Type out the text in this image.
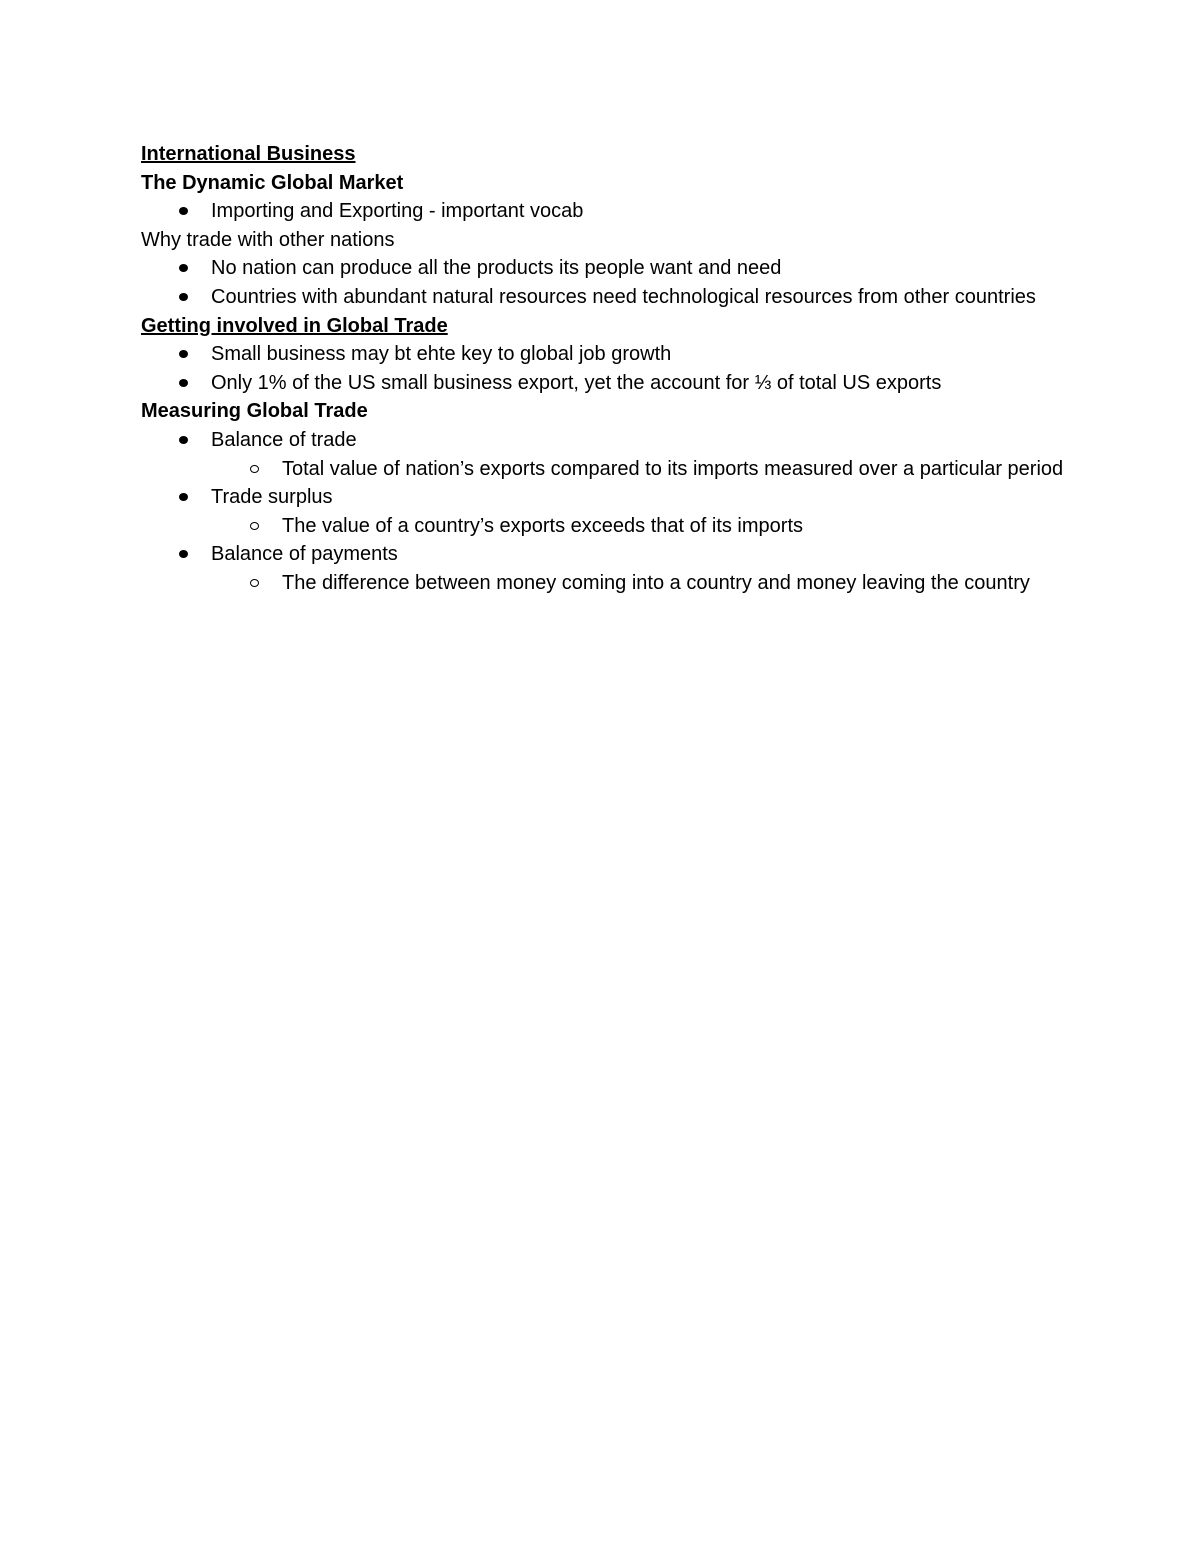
International Business

The Dynamic Global Market

Importing and Exporting - important vocab

Why trade with other nations

No nation can produce all the products its people want and need
Countries with abundant natural resources need technological resources from other countries

Getting involved in Global Trade

Small business may bt ehte key to global job growth
Only 1% of the US small business export, yet the account for ⅓ of total US exports

Measuring Global Trade

Balance of trade
Total value of nation’s exports compared to its imports measured over a particular period
Trade surplus
The value of a country’s exports exceeds that of its imports
Balance of payments
The difference between money coming into a country and money leaving the country
